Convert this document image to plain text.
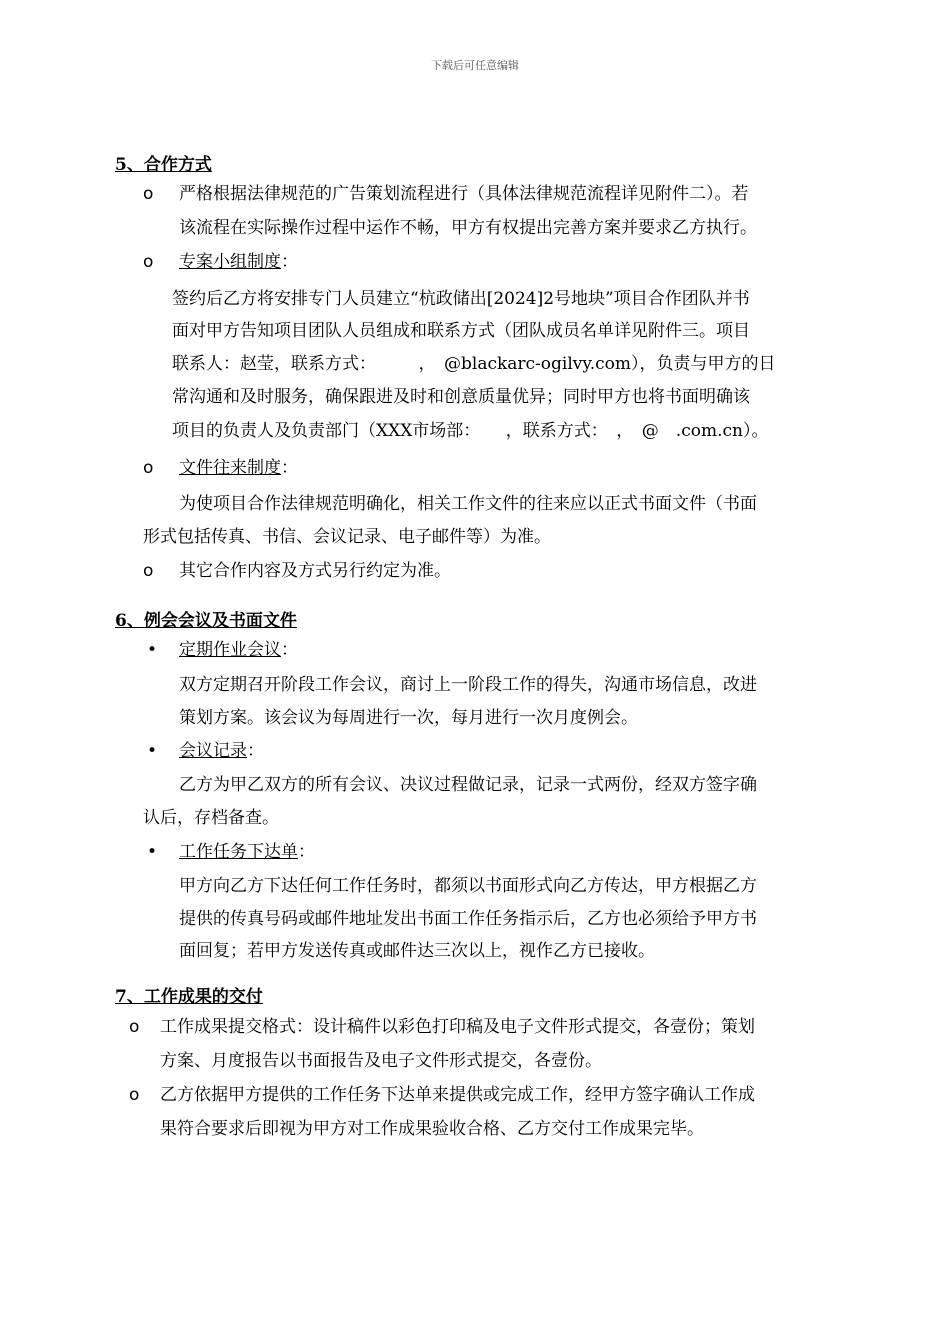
下载后可任意编辑
5、合作方式
o 严格根据法律规范的广告策划流程进行（具体法律规范流程详见附件二）。若
该流程在实际操作过程中运作不畅，甲方有权提出完善方案并要求乙方执行。
o 专案小组制度：
签约后乙方将安排专门人员建立“杭政储出[2024]2号地块”项目合作团队并书
面对甲方告知项目团队人员组成和联系方式（团队成员名单详见附件三。项目
联系人：赵莹，联系方式：　　　，　@blackarc-ogilvy.com），负责与甲方的日
常沟通和及时服务，确保跟进及时和创意质量优异；同时甲方也将书面明确该
项目的负责人及负责部门（XXX市场部：　　，联系方式：　，　@　.com.cn）。
o 文件往来制度：
为使项目合作法律规范明确化，相关工作文件的往来应以正式书面文件（书面
形式包括传真、书信、会议记录、电子邮件等）为准。
o 其它合作内容及方式另行约定为准。
6、例会会议及书面文件
• 定期作业会议：
双方定期召开阶段工作会议，商讨上一阶段工作的得失，沟通市场信息，改进
策划方案。该会议为每周进行一次，每月进行一次月度例会。
• 会议记录：
乙方为甲乙双方的所有会议、决议过程做记录，记录一式两份，经双方签字确
认后，存档备查。
• 工作任务下达单：
甲方向乙方下达任何工作任务时，都须以书面形式向乙方传达，甲方根据乙方
提供的传真号码或邮件地址发出书面工作任务指示后，乙方也必须给予甲方书
面回复；若甲方发送传真或邮件达三次以上，视作乙方已接收。
7、工作成果的交付
o 工作成果提交格式：设计稿件以彩色打印稿及电子文件形式提交，各壹份；策划
方案、月度报告以书面报告及电子文件形式提交，各壹份。
o 乙方依据甲方提供的工作任务下达单来提供或完成工作，经甲方签字确认工作成
果符合要求后即视为甲方对工作成果验收合格、乙方交付工作成果完毕。
